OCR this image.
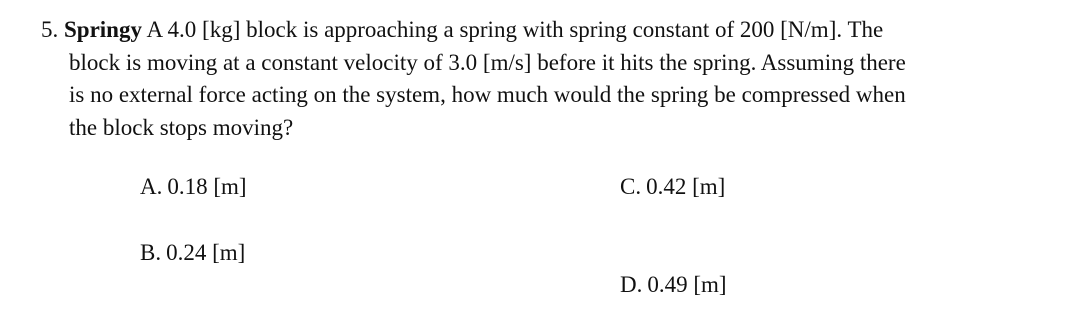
5. Springy A 4.0 [kg] block is approaching a spring with spring constant of 200 [N/m]. The
block is moving at a constant velocity of 3.0 [m/s] before it hits the spring. Assuming there
is no external force acting on the system, how much would the spring be compressed when
the block stops moving?
A. 0.18 [m]
B. 0.24 [m]
C. 0.42 [m]
D. 0.49 [m]
